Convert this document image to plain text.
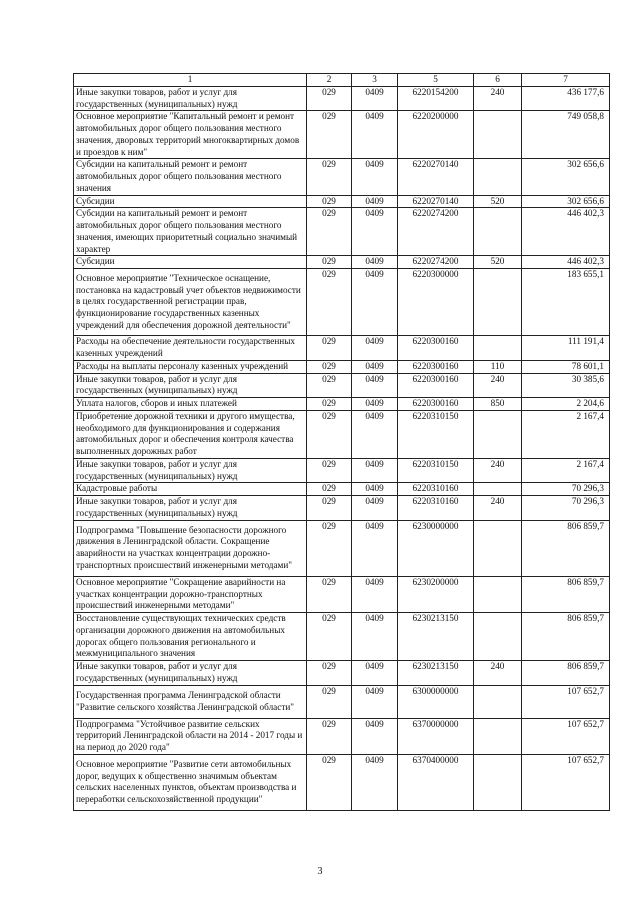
1	2	3	5	6	7
Иные закупки товаров, работ и услуг для государственных (муниципальных) нужд	029	0409	6220154200	240	436 177,6
Основное мероприятие "Капитальный ремонт и ремонт автомобильных дорог общего пользования местного значения, дворовых территорий многоквартирных домов и проездов к ним"	029	0409	6220200000		749 058,8
Субсидии на капитальный ремонт и ремонт автомобильных дорог общего пользования местного значения	029	0409	6220270140		302 656,6
Субсидии	029	0409	6220270140	520	302 656,6
Субсидии на капитальный ремонт и ремонт автомобильных дорог общего пользования местного значения, имеющих приоритетный социально значимый характер	029	0409	6220274200		446 402,3
Субсидии	029	0409	6220274200	520	446 402,3
Основное мероприятие "Техническое оснащение, постановка на кадастровый учет объектов недвижимости в целях государственной регистрации прав, функционирование государственных казенных учреждений для обеспечения дорожной деятельности"	029	0409	6220300000		183 655,1
Расходы на обеспечение деятельности государственных казенных учреждений	029	0409	6220300160		111 191,4
Расходы на выплаты персоналу казенных учреждений	029	0409	6220300160	110	78 601,1
Иные закупки товаров, работ и услуг для государственных (муниципальных) нужд	029	0409	6220300160	240	30 385,6
Уплата налогов, сборов и иных платежей	029	0409	6220300160	850	2 204,6
Приобретение дорожной техники и другого имущества, необходимого для функционирования и содержания автомобильных дорог и обеспечения контроля качества выполненных дорожных работ	029	0409	6220310150		2 167,4
Иные закупки товаров, работ и услуг для государственных (муниципальных) нужд	029	0409	6220310150	240	2 167,4
Кадастровые работы	029	0409	6220310160		70 296,3
Иные закупки товаров, работ и услуг для государственных (муниципальных) нужд	029	0409	6220310160	240	70 296,3
Подпрограмма "Повышение безопасности дорожного движения в Ленинградской области. Сокращение аварийности на участках концентрации дорожно-транспортных происшествий инженерными методами"	029	0409	6230000000		806 859,7
Основное мероприятие "Сокращение аварийности на участках концентрации дорожно-транспортных происшествий инженерными методами"	029	0409	6230200000		806 859,7
Восстановление существующих технических средств организации дорожного движения на автомобильных дорогах общего пользования регионального и межмуниципального значения	029	0409	6230213150		806 859,7
Иные закупки товаров, работ и услуг для государственных (муниципальных) нужд	029	0409	6230213150	240	806 859,7
Государственная программа Ленинградской области "Развитие сельского хозяйства Ленинградской области"	029	0409	6300000000		107 652,7
Подпрограмма "Устойчивое развитие сельских территорий Ленинградской области на 2014 - 2017 годы и на период до 2020 года"	029	0409	6370000000		107 652,7
Основное мероприятие "Развитие сети автомобильных дорог, ведущих к общественно значимым объектам сельских населенных пунктов, объектам производства и переработки сельскохозяйственной продукции"	029	0409	6370400000		107 652,7
3
